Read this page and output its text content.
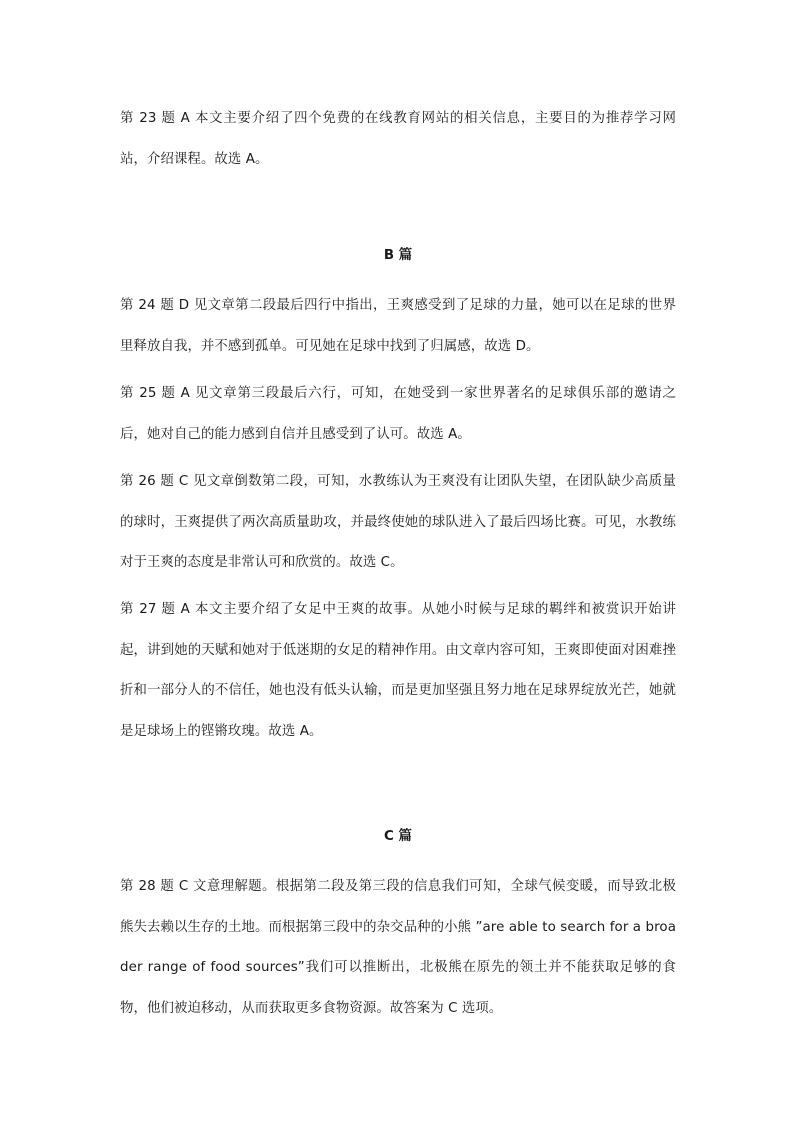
第 23 题 A 本文主要介绍了四个免费的在线教育网站的相关信息，主要目的为推荐学习网站，介绍课程。故选 A。

B 篇

第 24 题 D 见文章第二段最后四行中指出，王爽感受到了足球的力量，她可以在足球的世界里释放自我，并不感到孤单。可见她在足球中找到了归属感，故选 D。

第 25 题 A 见文章第三段最后六行，可知，在她受到一家世界著名的足球俱乐部的邀请之后，她对自己的能力感到自信并且感受到了认可。故选 A。

第 26 题 C 见文章倒数第二段，可知，水教练认为王爽没有让团队失望，在团队缺少高质量的球时，王爽提供了两次高质量助攻，并最终使她的球队进入了最后四场比赛。可见，水教练对于王爽的态度是非常认可和欣赏的。故选 C。

第 27 题 A 本文主要介绍了女足中王爽的故事。从她小时候与足球的羁绊和被赏识开始讲起，讲到她的天赋和她对于低迷期的女足的精神作用。由文章内容可知，王爽即使面对困难挫折和一部分人的不信任，她也没有低头认输，而是更加坚强且努力地在足球界绽放光芒，她就是足球场上的铿锵玫瑰。故选 A。

C 篇

第 28 题 C 文意理解题。根据第二段及第三段的信息我们可知，全球气候变暖，而导致北极熊失去赖以生存的土地。而根据第三段中的杂交品种的小熊 ”are able to search for a broader range of food sources”我们可以推断出，北极熊在原先的领土并不能获取足够的食物，他们被迫移动，从而获取更多食物资源。故答案为 C 选项。
